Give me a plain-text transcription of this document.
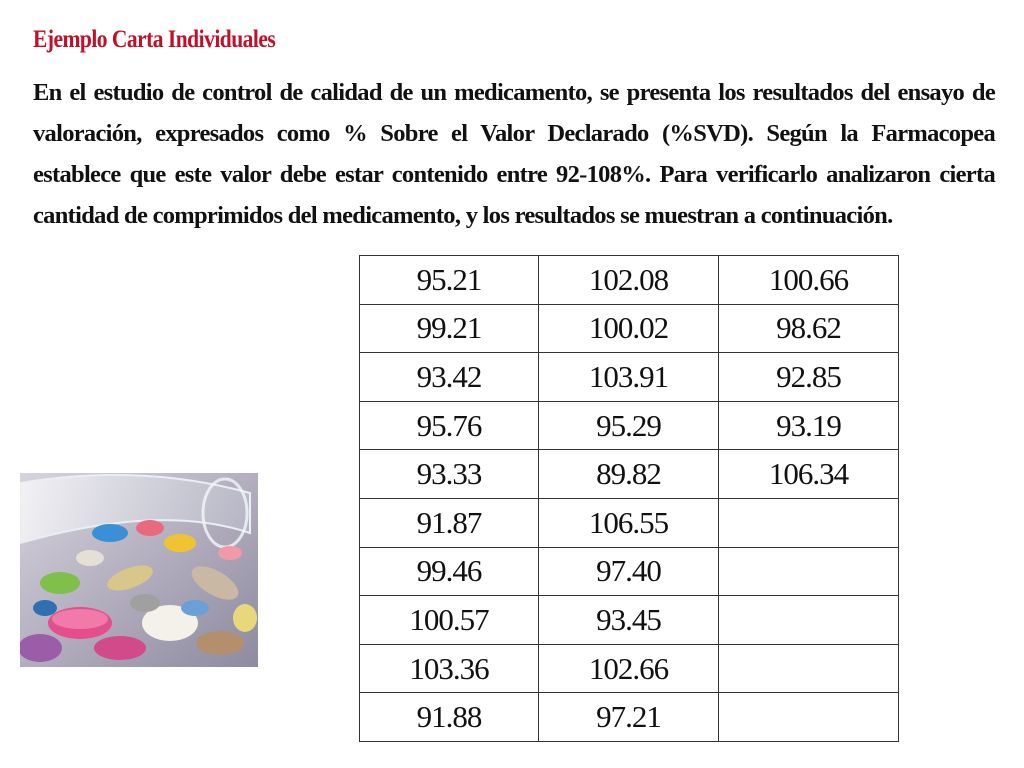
Ejemplo Carta Individuales
En el estudio de control de calidad de un medicamento, se presenta los resultados del ensayo de valoración, expresados como % Sobre el Valor Declarado (%SVD). Según la Farmacopea establece que este valor debe estar contenido entre 92-108%. Para verificarlo analizaron cierta cantidad de comprimidos del medicamento, y los resultados se muestran a continuación.
95.21	102.08	100.66
99.21	100.02	98.62
93.42	103.91	92.85
95.76	95.29	93.19
93.33	89.82	106.34
91.87	106.55	
99.46	97.40	
100.57	93.45	
103.36	102.66	
91.88	97.21	
